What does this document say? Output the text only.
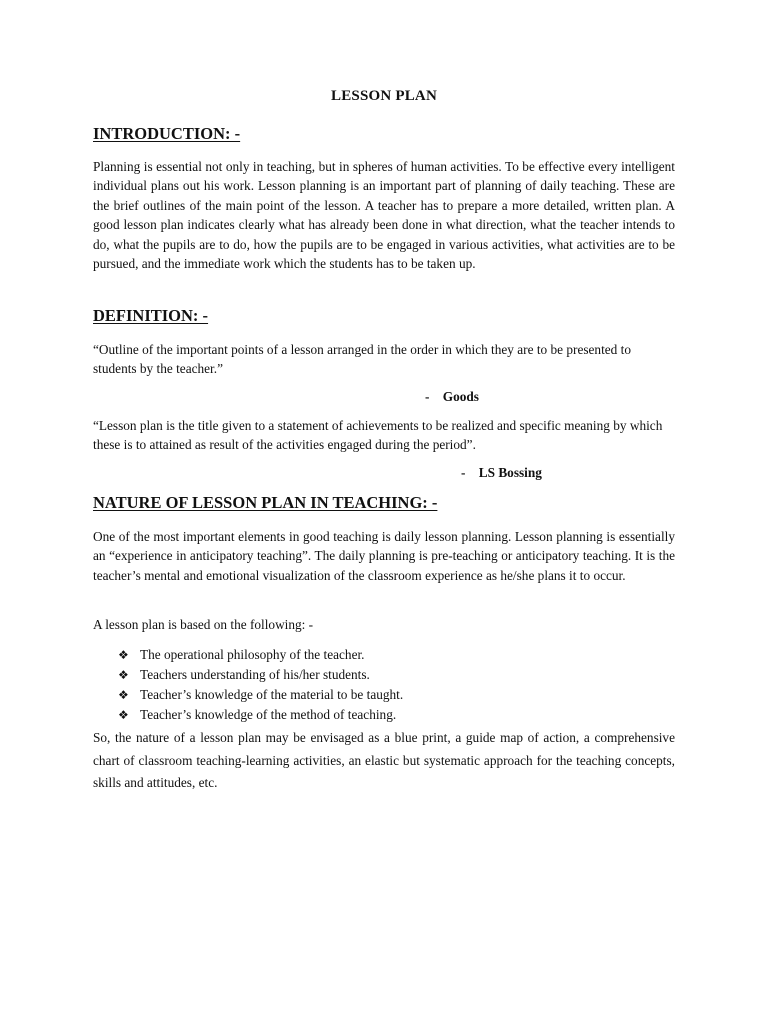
LESSON PLAN
INTRODUCTION: -
Planning is essential not only in teaching, but in spheres of human activities. To be effective every intelligent individual plans out his work. Lesson planning is an important part of planning of daily teaching. These are the brief outlines of the main point of the lesson. A teacher has to prepare a more detailed, written plan. A good lesson plan indicates clearly what has already been done in what direction, what the teacher intends to do, what the pupils are to do, how the pupils are to be engaged in various activities, what activities are to be pursued, and the immediate work which the students has to be taken up.
DEFINITION: -
“Outline of the important points of a lesson arranged in the order in which they are to be presented to students by the teacher.”
-    Goods
“Lesson plan is the title given to a statement of achievements to be realized and specific meaning by which these is to attained as result of the activities engaged during the period”.
-    LS Bossing
NATURE OF LESSON PLAN IN TEACHING: -
One of the most important elements in good teaching is daily lesson planning. Lesson planning is essentially an “experience in anticipatory teaching”. The daily planning is pre-teaching or anticipatory teaching. It is the teacher’s mental and emotional visualization of the classroom experience as he/she plans it to occur.
A lesson plan is based on the following: -
❖ The operational philosophy of the teacher.
❖ Teachers understanding of his/her students.
❖ Teacher’s knowledge of the material to be taught.
❖ Teacher’s knowledge of the method of teaching.
So, the nature of a lesson plan may be envisaged as a blue print, a guide map of action, a comprehensive chart of classroom teaching-learning activities, an elastic but systematic approach for the teaching concepts, skills and attitudes, etc.
